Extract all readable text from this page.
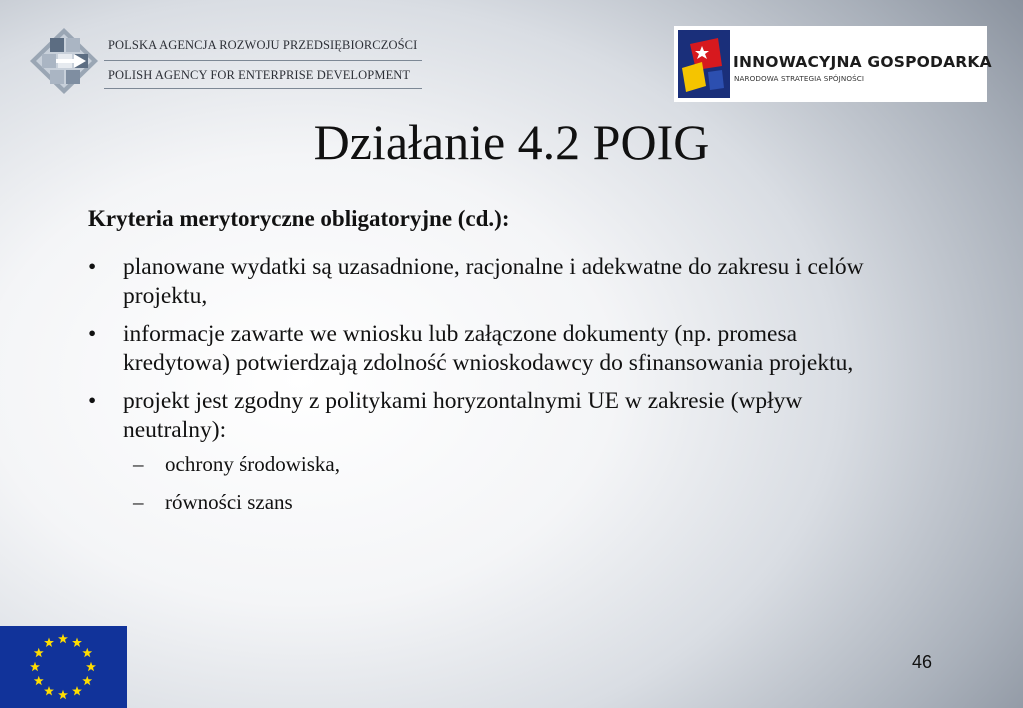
POLSKA AGENCJA ROZWOJU PRZEDSIĘBIORCZOŚCI
POLISH AGENCY FOR ENTERPRISE DEVELOPMENT
INNOWACYJNA GOSPODARKA
NARODOWA STRATEGIA SPÓJNOŚCI
Działanie 4.2 POIG
Kryteria merytoryczne obligatoryjne (cd.):
• planowane wydatki są uzasadnione, racjonalne i adekwatne do zakresu i celów projektu,
• informacje zawarte we wniosku lub załączone dokumenty (np. promesa kredytowa) potwierdzają zdolność wnioskodawcy do sfinansowania projektu,
• projekt jest zgodny z politykami horyzontalnymi UE w zakresie (wpływ neutralny):
– ochrony środowiska,
– równości szans
46
